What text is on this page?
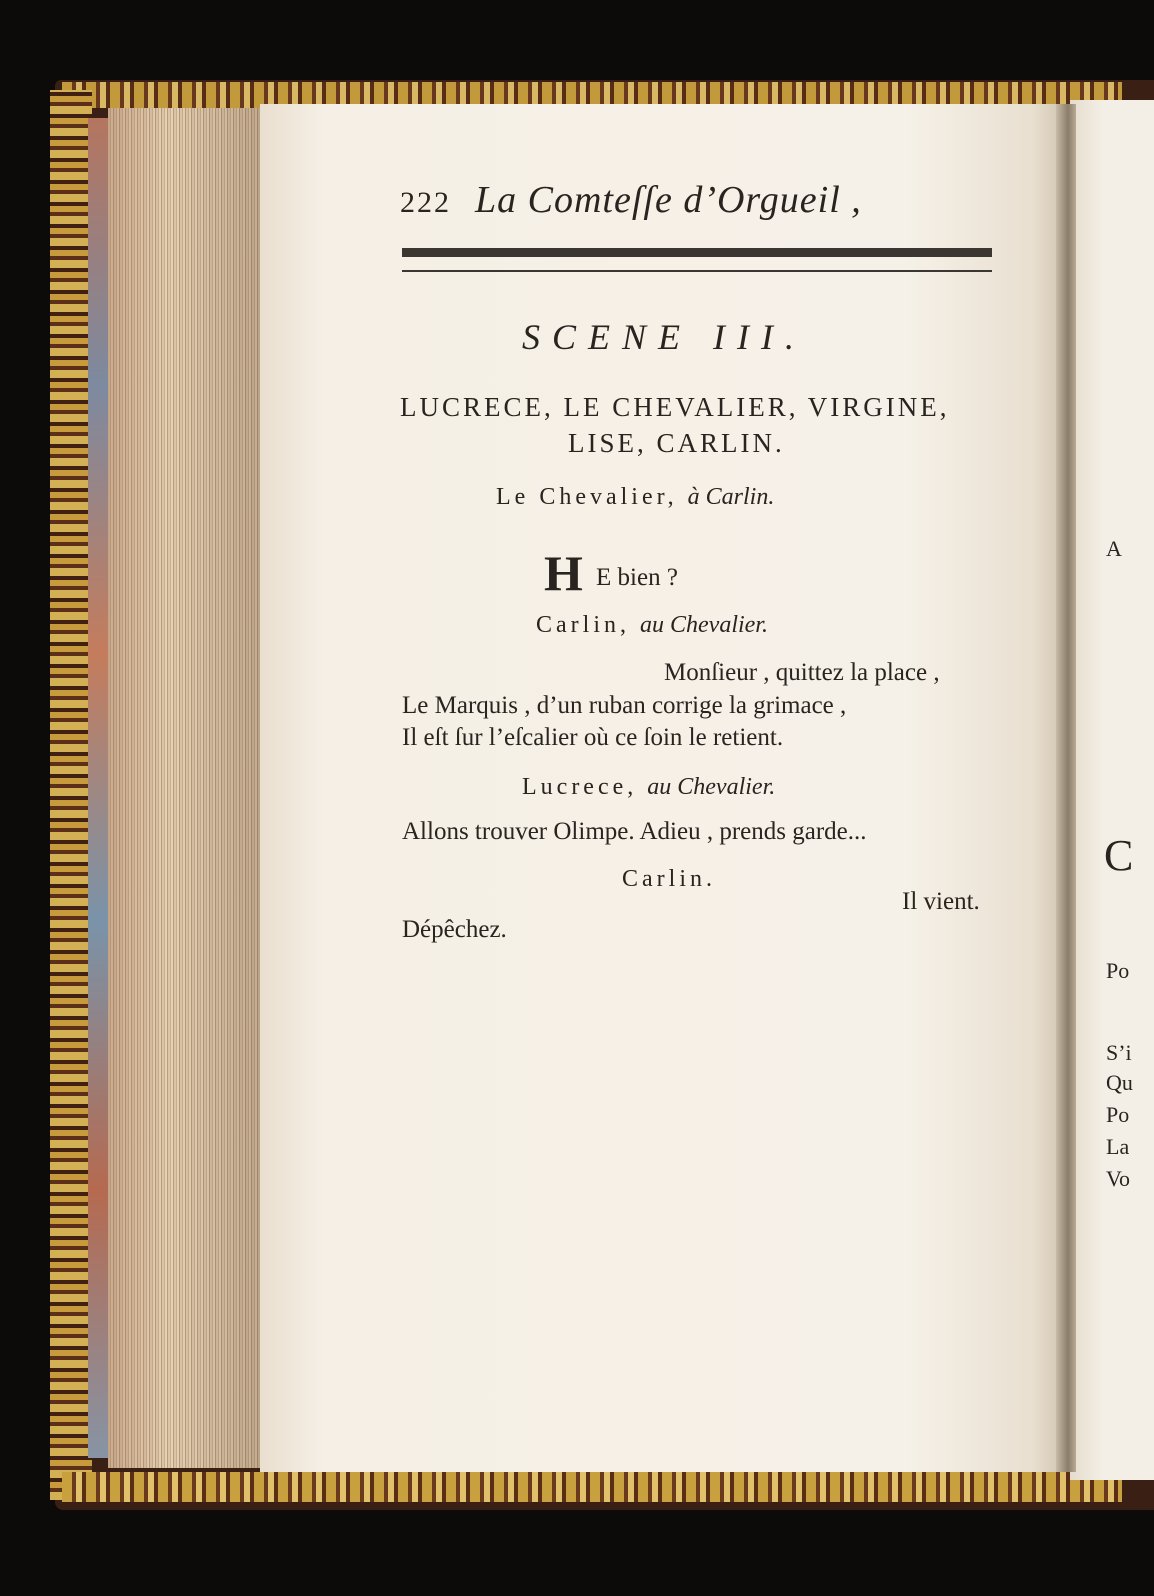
222 La Comteſſe d’Orgueil ,
SCENE III.
LUCRECE, LE CHEVALIER, VIRGINE,
LISE, CARLIN.
Le Chevalier, à Carlin.
H E bien ?
Carlin, au Chevalier.
Monſieur , quittez la place ,
Le Marquis , d’un ruban corrige la grimace ,
Il eſt ſur l’eſcalier où ce ſoin le retient.
Lucrece, au Chevalier.
Allons trouver Olimpe. Adieu , prends garde...
Carlin.
Il vient.
Dépêchez.
A
C
Po
S’i
Qu
Po
La
Vo
